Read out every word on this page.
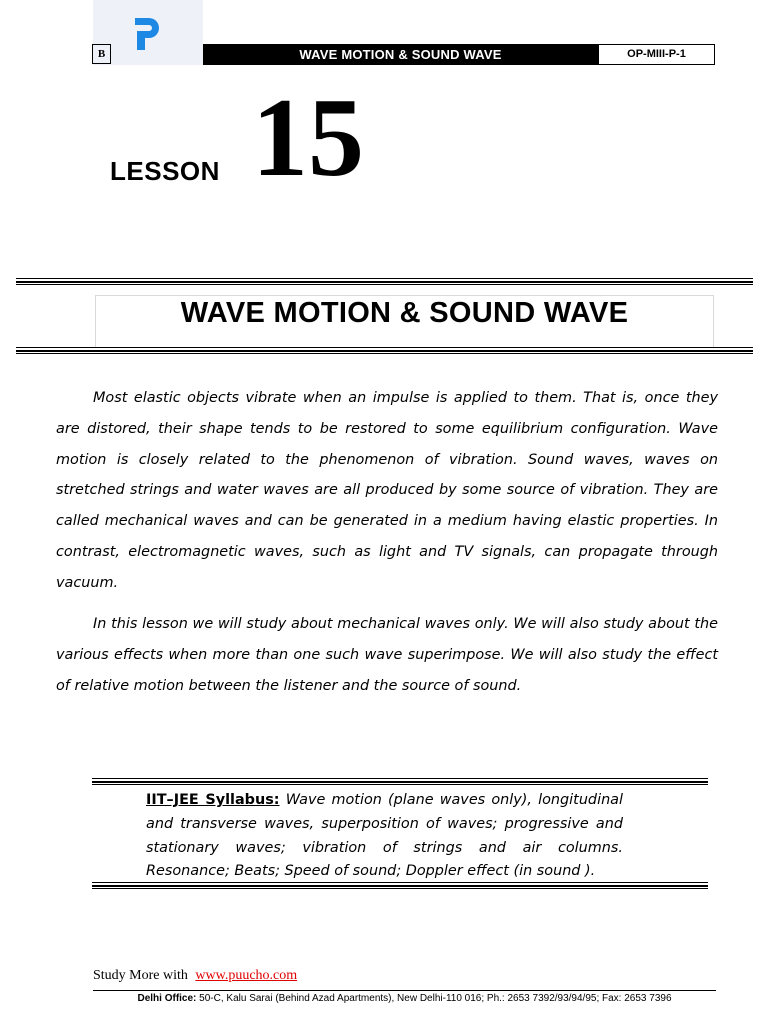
B	WAVE MOTION & SOUND WAVE	OP-MIII-P-1
LESSON 15
WAVE MOTION & SOUND WAVE

Most elastic objects vibrate when an impulse is applied to them. That is, once they are distored, their shape tends to be restored to some equilibrium configuration. Wave motion is closely related to the phenomenon of vibration. Sound waves, waves on stretched strings and water waves are all produced by some source of vibration. They are called mechanical waves and can be generated in a medium having elastic properties. In contrast, electromagnetic waves, such as light and TV signals, can propagate through vacuum.

In this lesson we will study about mechanical waves only. We will also study about the various effects when more than one such wave superimpose. We will also study the effect of relative motion between the listener and the source of sound.

IIT–JEE Syllabus: Wave motion (plane waves only), longitudinal and transverse waves, superposition of waves; progressive and stationary waves; vibration of strings and air columns. Resonance; Beats; Speed of sound; Doppler effect (in sound ).

Study More with www.puucho.com
Delhi Office: 50-C, Kalu Sarai (Behind Azad Apartments), New Delhi-110 016; Ph.: 2653 7392/93/94/95; Fax: 2653 7396
